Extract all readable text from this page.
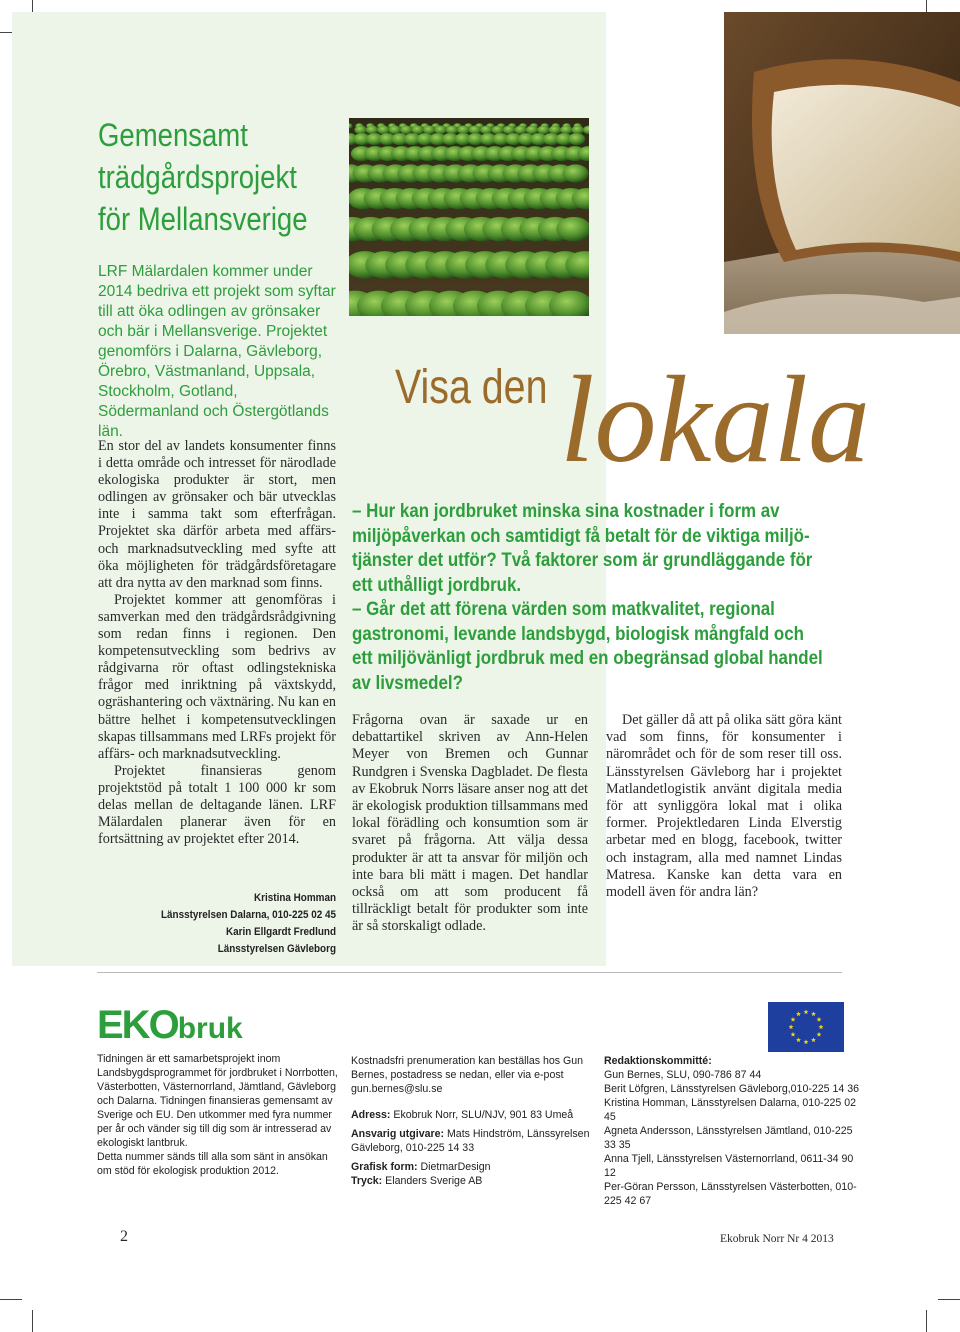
Gemensamt trädgårdsprojekt för Mellansverige

LRF Mälardalen kommer under 2014 bedriva ett projekt som syftar till att öka odlingen av grönsaker och bär i Mellansverige. Projektet genomförs i Dalarna, Gävleborg, Örebro, Västmanland, Uppsala, Stockholm, Gotland, Södermanland och Östergötlands län.

En stor del av landets konsumenter finns i detta område och intresset för närodlade ekologiska produkter är stort, men odlingen av grönsaker och bär utvecklas inte i samma takt som efterfrågan. Projektet ska därför arbeta med affärs- och marknadsutveckling med syfte att öka möjligheten för trädgårdsföretagare att dra nytta av den marknad som finns.

Projektet kommer att genomföras i samverkan med den trädgårdsrådgivning som redan finns i regionen. Den kompetensutveckling som bedrivs av rådgivarna rör oftast odlingstekniska frågor med inriktning på växtskydd, ogräshantering och växtnäring. Nu kan en bättre helhet i kompetensutvecklingen skapas tillsammans med LRFs projekt för affärs- och marknadsutveckling.

Projektet finansieras genom projektstöd på totalt 1 100 000 kr som delas mellan de deltagande länen. LRF Mälardalen planerar även för en fortsättning av projektet efter 2014.

Kristina Homman
Länsstyrelsen Dalarna, 010-225 02 45
Karin Ellgardt Fredlund
Länsstyrelsen Gävleborg
Visa den lokala
– Hur kan jordbruket minska sina kostnader i form av
miljöpåverkan och samtidigt få betalt för de viktiga miljö-
tjänster det utför? Två faktorer som är grundläggande för
ett uthålligt jordbruk.
– Går det att förena värden som matkvalitet, regional
gastronomi, levande landsbygd, biologisk mångfald och
ett miljövänligt jordbruk med en obegränsad global handel
av livsmedel?

Frågorna ovan är saxade ur en debattartikel skriven av Ann-Helen Meyer von Bremen och Gunnar Rundgren i Svenska Dagbladet. De flesta av Ekobruk Norrs läsare anser nog att det är ekologisk produktion tillsammans med lokal förädling och konsumtion som är svaret på frågorna. Att välja dessa produkter är att ta ansvar för miljön och inte bara bli mätt i magen. Det handlar också om att som producent få tillräckligt betalt för produkter som inte är så storskaligt odlade.

Det gäller då att på olika sätt göra känt vad som finns, för konsumenter i närområdet och för de som reser till oss. Länsstyrelsen Gävleborg har i projektet Matlandetlogistik använt digitala media för att synliggöra lokal mat i olika former. Projektledaren Linda Elverstig arbetar med en blogg, facebook, twitter och instagram, alla med namnet Lindas Matresa. Kanske kan detta vara en modell även för andra län?

EKObruk

Tidningen är ett samarbetsprojekt inom Landsbygdsprogrammet för jordbruket i Norrbotten, Västerbotten, Västernorrland, Jämtland, Gävleborg och Dalarna. Tidningen finansieras gemensamt av Sverige och EU. Den utkommer med fyra nummer per år och vänder sig till dig som är intresserad av ekologiskt lantbruk.

Detta nummer sänds till alla som sänt in ansökan om stöd för ekologisk produktion 2012.

Kostnadsfri prenumeration kan beställas hos Gun Bernes, postadress se nedan, eller via e-post gun.bernes@slu.se

Adress: Ekobruk Norr, SLU/NJV, 901 83 Umeå

Ansvarig utgivare: Mats Hindström, Länssyrelsen Gävleborg, 010-225 14 33

Grafisk form: DietmarDesign

Tryck: Elanders Sverige AB

Redaktionskommitté:

Gun Bernes, SLU, 090-786 87 44
Berit Löfgren, Länsstyrelsen Gävleborg,010-225 14 36
Kristina Homman, Länsstyrelsen Dalarna, 010-225 02 45
Agneta Andersson, Länsstyrelsen Jämtland, 010-225 33 35
Anna Tjell, Länsstyrelsen Västernorrland, 0611-34 90 12
Per-Göran Persson, Länsstyrelsen Västerbotten, 010-225 42 67
2	Ekobruk Norr Nr 4 2013
